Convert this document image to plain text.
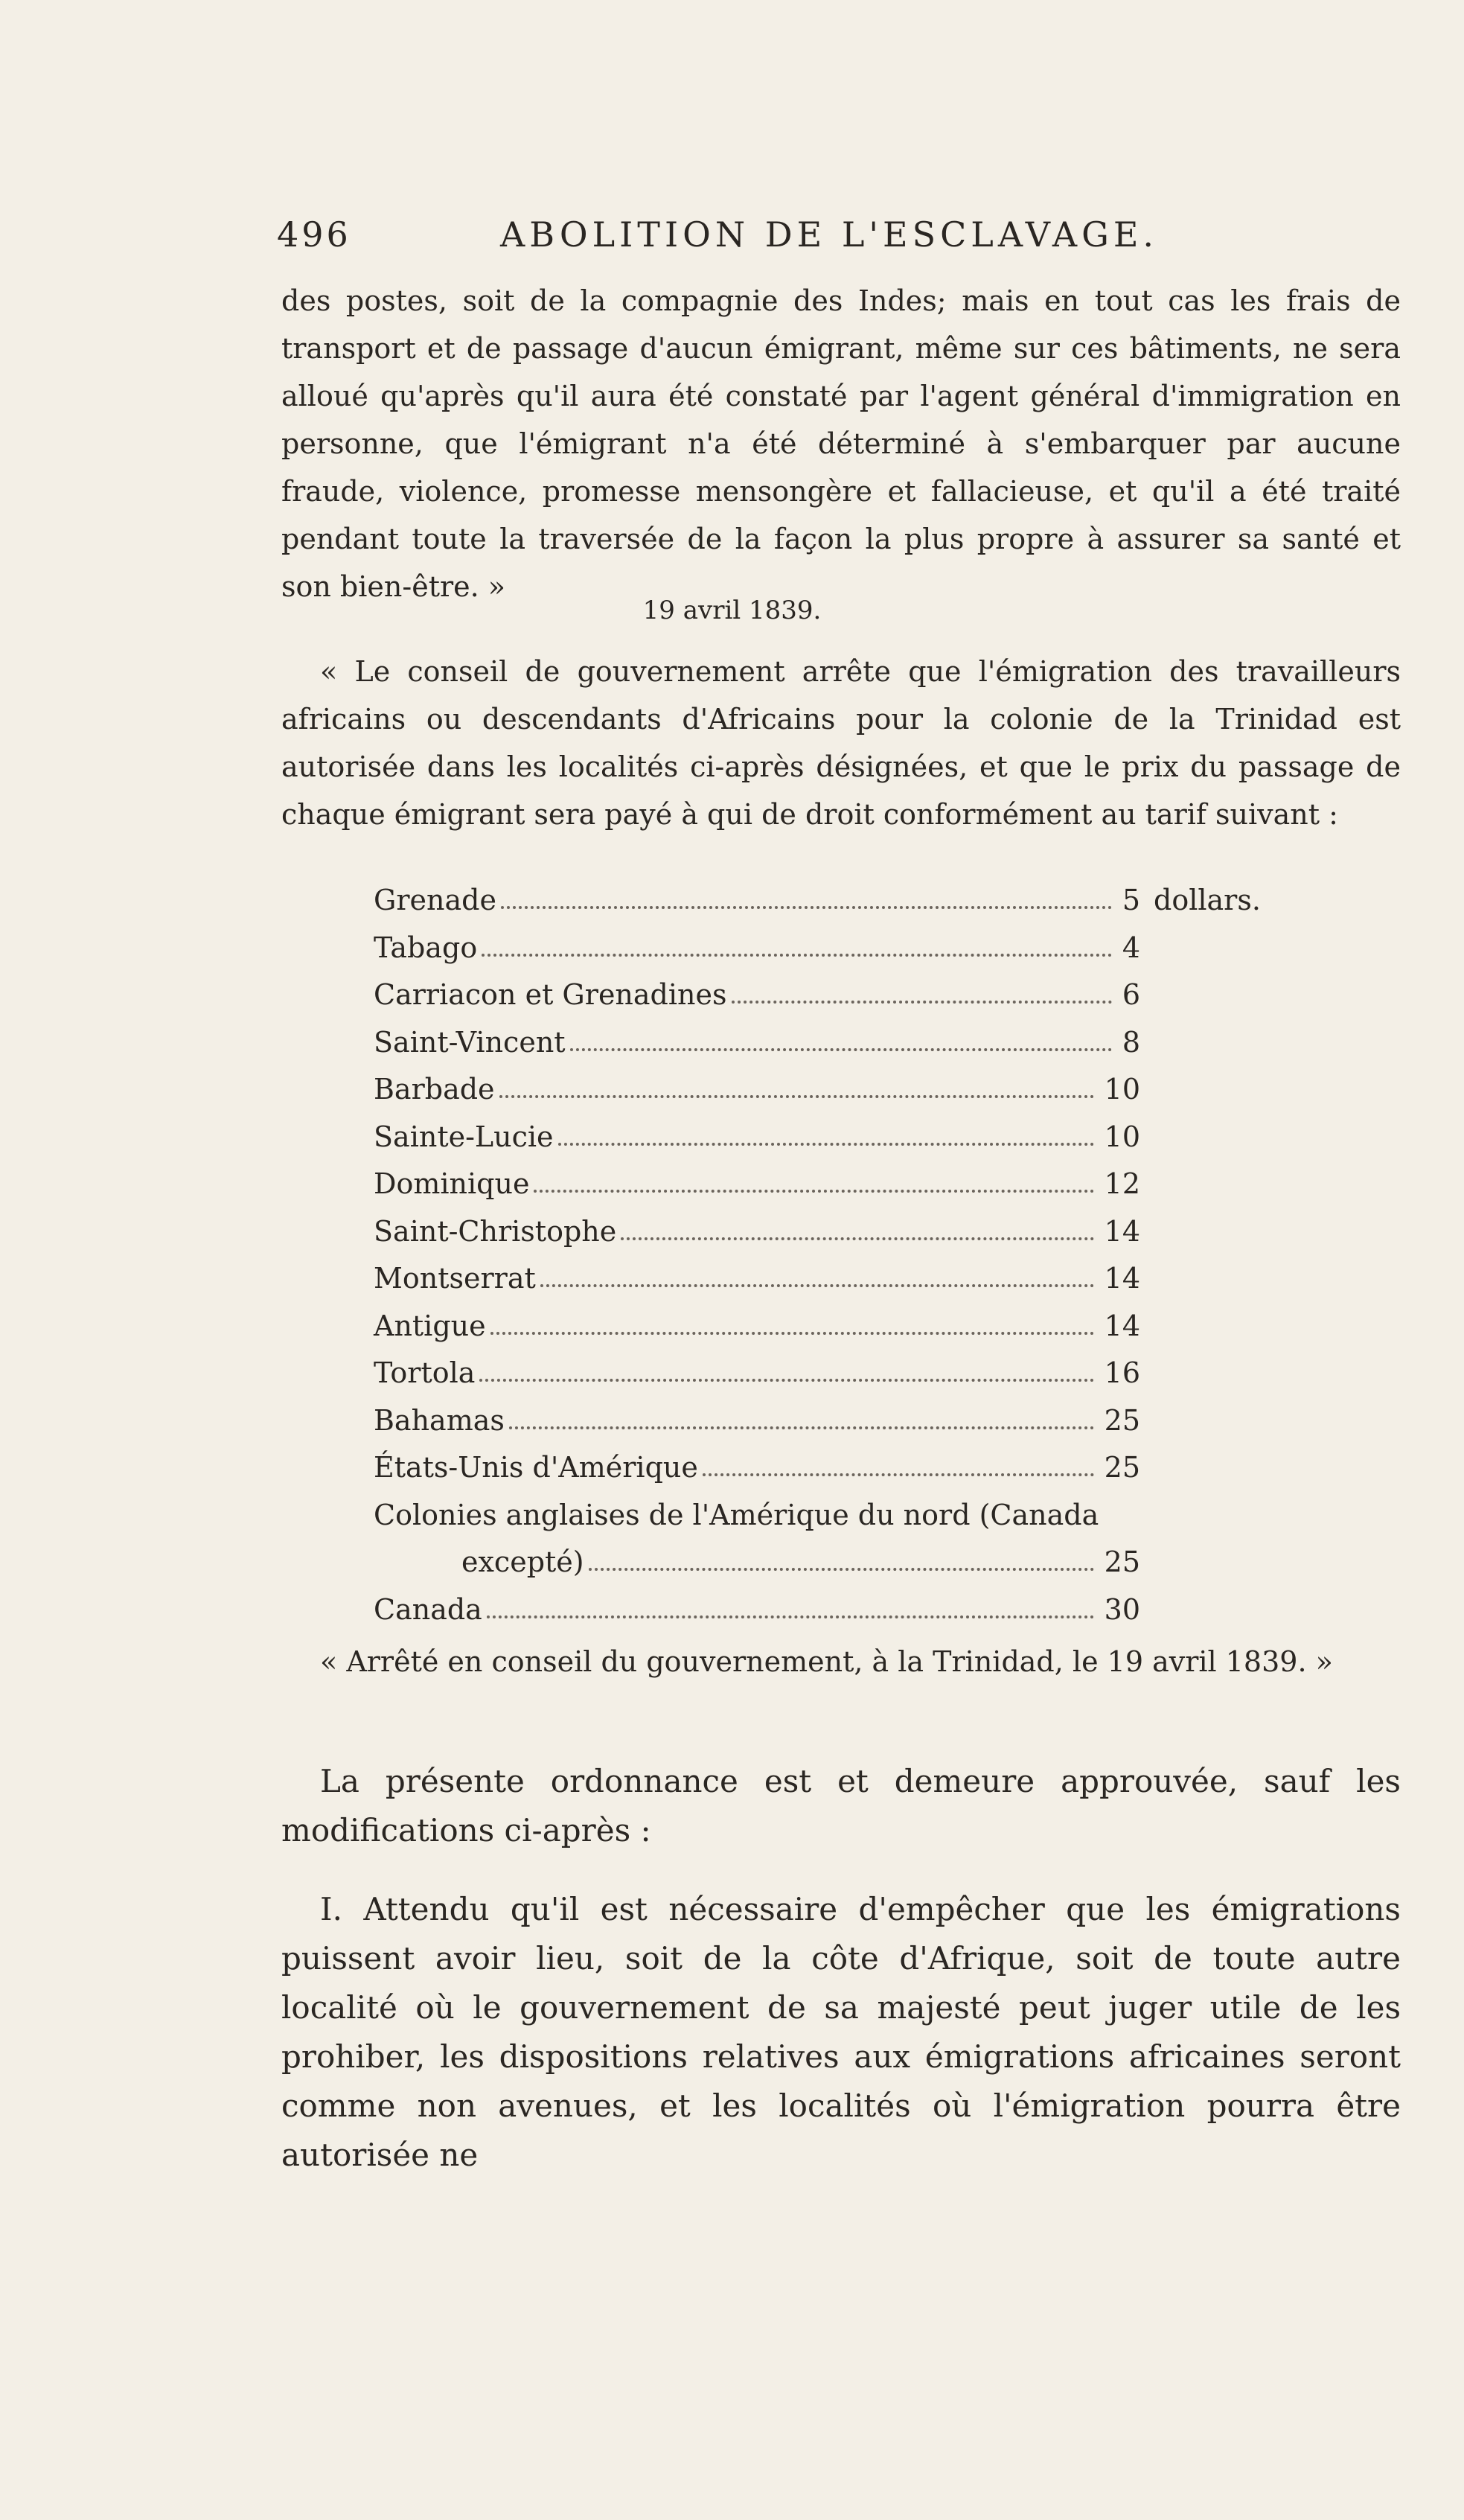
496	ABOLITION DE L'ESCLAVAGE.

des postes, soit de la compagnie des Indes; mais en tout cas les frais de transport et de passage d'aucun émigrant, même sur ces bâtiments, ne sera alloué qu'après qu'il aura été constaté par l'agent général d'immigration en personne, que l'émigrant n'a été déterminé à s'embarquer par aucune fraude, violence, promesse mensongère et fallacieuse, et qu'il a été traité pendant toute la traversée de la façon la plus propre à assurer sa santé et son bien-être. »

19 avril 1839.

« Le conseil de gouvernement arrête que l'émigration des travailleurs africains ou descendants d'Africains pour la colonie de la Trinidad est autorisée dans les localités ci-après désignées, et que le prix du passage de chaque émigrant sera payé à qui de droit conformément au tarif suivant :

Grenade	5 dollars.
Tabago	4
Carriacon et Grenadines	6
Saint-Vincent	8
Barbade	10
Sainte-Lucie	10
Dominique	12
Saint-Christophe	14
Montserrat	14
Antigue	14
Tortola	16
Bahamas	25
États-Unis d'Amérique	25
Colonies anglaises de l'Amérique du nord (Canada
excepté)	25
Canada	30

« Arrêté en conseil du gouvernement, à la Trinidad, le 19 avril 1839. »

La présente ordonnance est et demeure approuvée, sauf les modifications ci-après :

I. Attendu qu'il est nécessaire d'empêcher que les émigrations puissent avoir lieu, soit de la côte d'Afrique, soit de toute autre localité où le gouvernement de sa majesté peut juger utile de les prohiber, les dispositions relatives aux émigrations africaines seront comme non avenues, et les localités où l'émigration pourra être autorisée ne
